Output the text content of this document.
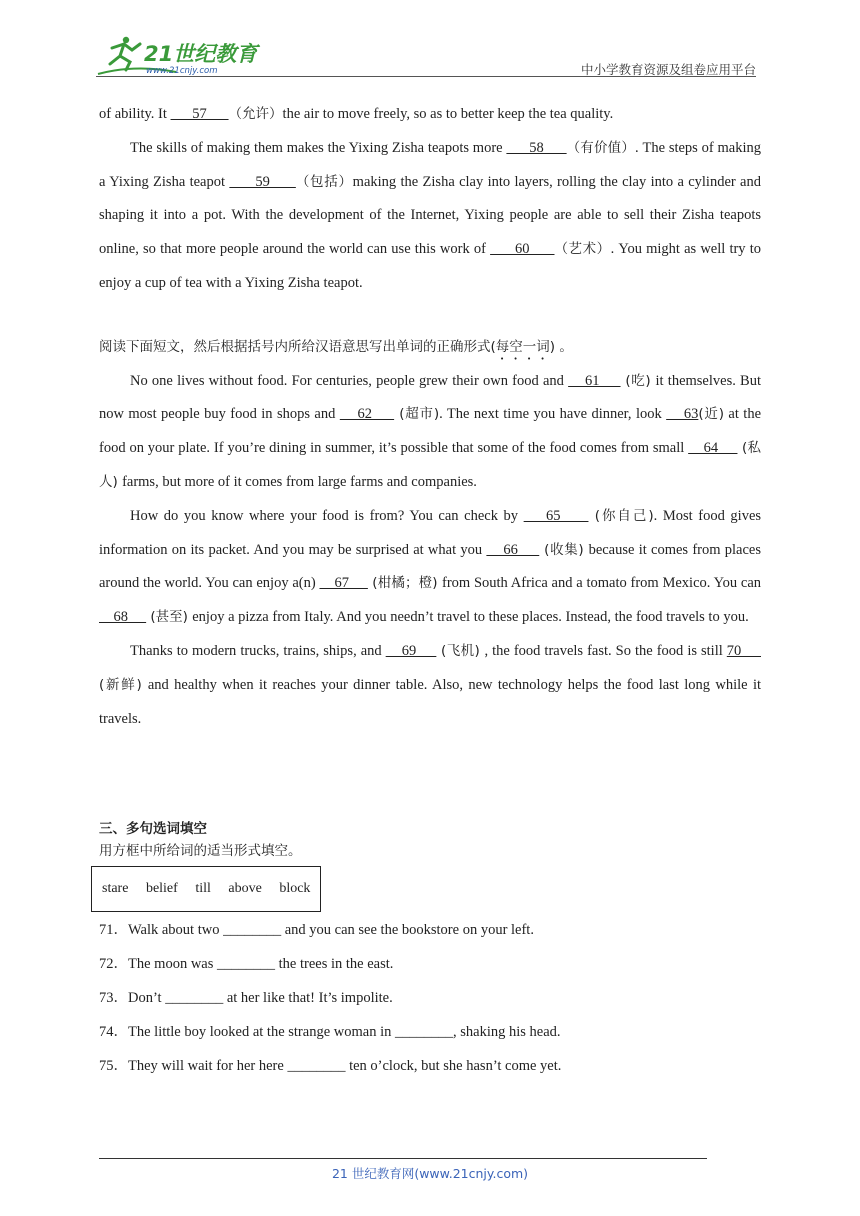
21世纪教育
www.21cnjy.com	中小学教育资源及组卷应用平台

of ability. It       57      （允许）the air to move freely, so as to better keep the tea quality.

The skills of making them makes the Yixing Zisha teapots more       58      （有价值）. The steps of making a Yixing Zisha teapot       59      （包括）making the Zisha clay into layers, rolling the clay into a cylinder and shaping it into a pot. With the development of the Internet, Yixing people are able to sell their Zisha teapots online, so that more people around the world can use this work of       60      （艺术）. You might as well try to enjoy a cup of tea with a Yixing Zisha teapot.

阅读下面短文，然后根据括号内所给汉语意思写出单词的正确形式(每空一词) 。

No one lives without food. For centuries, people grew their own food and     61      (吃) it themselves. But now most people buy food in shops and     62      (超市). The next time you have dinner, look     63(近) at the food on your plate. If you’re dining in summer, it’s possible that some of the food comes from small     64      (私人) farms, but more of it comes from large farms and companies.

How do you know where your food is from? You can check by     65      (你自己). Most food gives information on its packet. And you may be surprised at what you     66      (收集) because it comes from places around the world. You can enjoy a(n)     67      (柑橘；橙) from South Africa and a tomato from Mexico. You can     68      (甚至) enjoy a pizza from Italy. And you needn’t travel to these places. Instead, the food travels to you.

Thanks to modern trucks, trains, ships, and     69      (飞机) , the food travels fast. So the food is still 70      (新鲜) and healthy when it reaches your dinner table. Also, new technology helps the food last long while it travels.

三、多句选词填空
用方框中所给词的适当形式填空。
stare belief till above block
71．Walk about two ________ and you can see the bookstore on your left.
72．The moon was ________ the trees in the east.
73．Don’t ________ at her like that! It’s impolite.
74．The little boy looked at the strange woman in ________, shaking his head.
75．They will wait for her here ________ ten o’clock, but she hasn’t come yet.
21 世纪教育网(www.21cnjy.com)
